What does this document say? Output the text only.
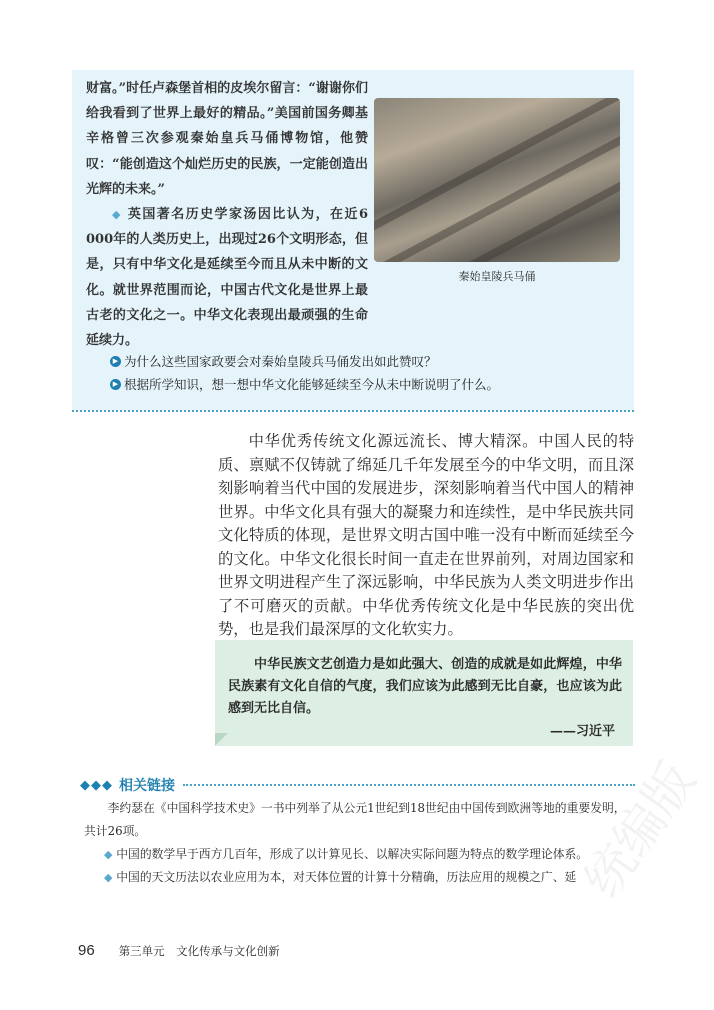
财富。”时任卢森堡首相的皮埃尔留言：“谢谢你们给我看到了世界上最好的精品。”美国前国务卿基辛格曾三次参观秦始皇兵马俑博物馆，他赞叹：“能创造这个灿烂历史的民族，一定能创造出光辉的未来。”

◆ 英国著名历史学家汤因比认为，在近6 000年的人类历史上，出现过26个文明形态，但是，只有中华文化是延续至今而且从未中断的文化。就世界范围而论，中国古代文化是世界上最古老的文化之一。中华文化表现出最顽强的生命延续力。

秦始皇陵兵马俑
▶ 为什么这些国家政要会对秦始皇陵兵马俑发出如此赞叹？
▶ 根据所学知识，想一想中华文化能够延续至今从未中断说明了什么。

中华优秀传统文化源远流长、博大精深。中国人民的特质、禀赋不仅铸就了绵延几千年发展至今的中华文明，而且深刻影响着当代中国的发展进步，深刻影响着当代中国人的精神世界。中华文化具有强大的凝聚力和连续性，是中华民族共同文化特质的体现，是世界文明古国中唯一没有中断而延续至今的文化。中华文化很长时间一直走在世界前列，对周边国家和世界文明进程产生了深远影响，中华民族为人类文明进步作出了不可磨灭的贡献。中华优秀传统文化是中华民族的突出优势，也是我们最深厚的文化软实力。

中华民族文艺创造力是如此强大、创造的成就是如此辉煌，中华民族素有文化自信的气度，我们应该为此感到无比自豪，也应该为此感到无比自信。

——习近平
统编版
◆◆◆ 相关链接

李约瑟在《中国科学技术史》一书中列举了从公元1世纪到18世纪由中国传到欧洲等地的重要发明，共计26项。

◆ 中国的数学早于西方几百年，形成了以计算见长、以解决实际问题为特点的数学理论体系。

◆ 中国的天文历法以农业应用为本，对天体位置的计算十分精确，历法应用的规模之广、延

96 第三单元　文化传承与文化创新
